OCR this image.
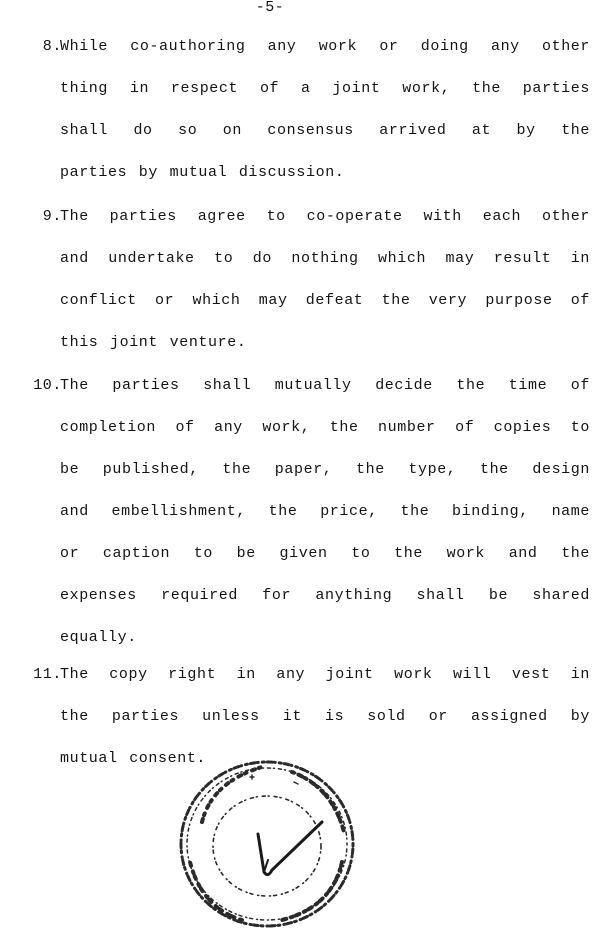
-5-
8.
While co-authoring any work or doing any other
thing in respect of a joint work, the parties
shall do so on consensus arrived at by the
parties by mutual discussion.
9.
The parties agree to co-operate with each other
and undertake to do nothing which may result in
conflict or which may defeat the very purpose of
this joint venture.
10.
The parties shall mutually decide the time of
completion of any work, the number of copies to
be published, the paper, the type, the design
and embellishment, the price, the binding, name
or caption to be given to the work and the
expenses required for anything shall be shared
equally.
11.
The copy right in any joint work will vest in
the parties unless it is sold or assigned by
mutual consent.
